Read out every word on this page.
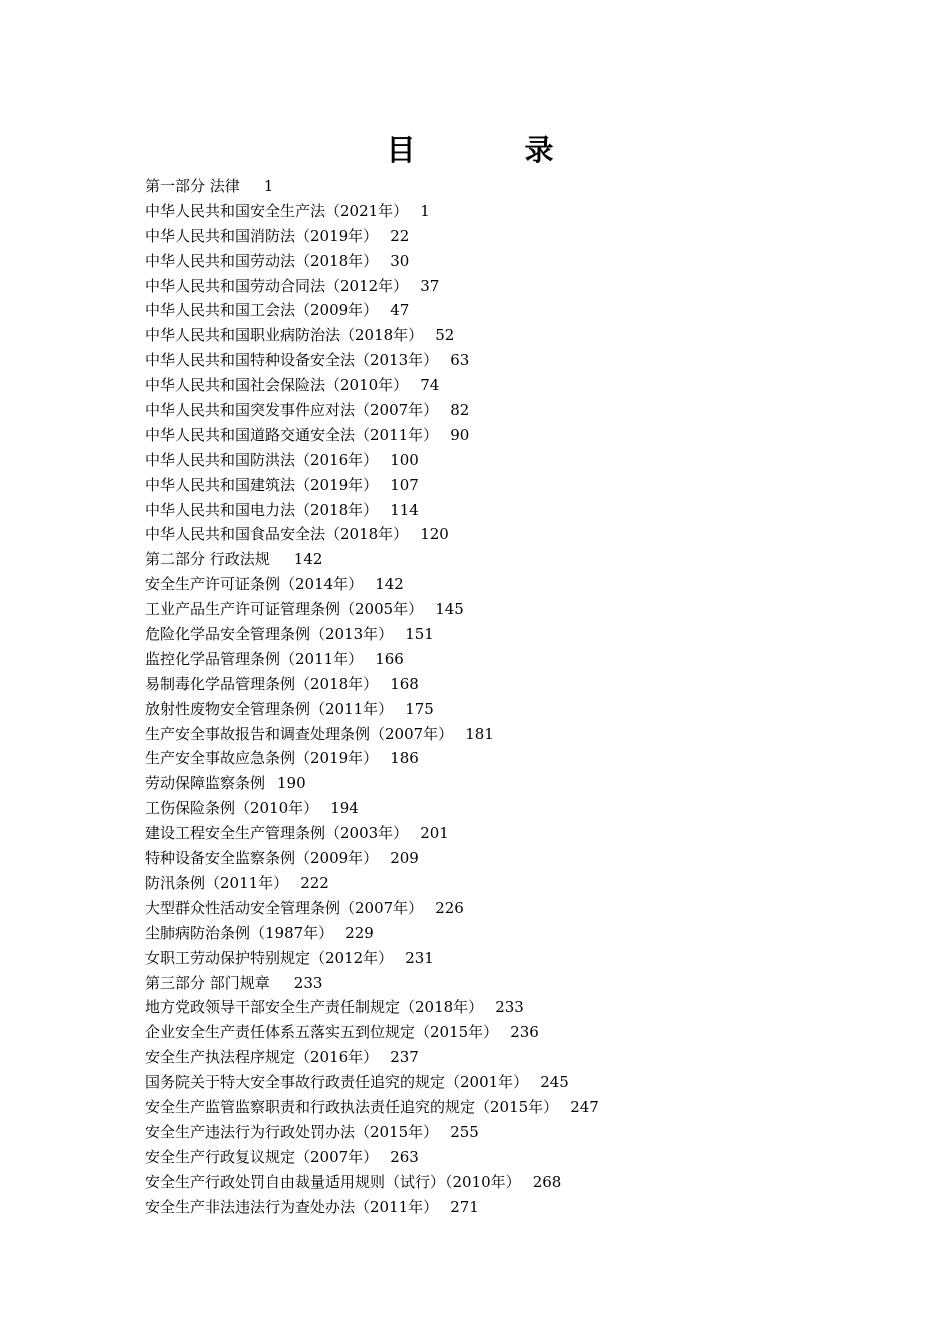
目　录
第一部分 法律 1
中华人民共和国安全生产法（2021年） 1
中华人民共和国消防法（2019年） 22
中华人民共和国劳动法（2018年） 30
中华人民共和国劳动合同法（2012年） 37
中华人民共和国工会法（2009年） 47
中华人民共和国职业病防治法（2018年） 52
中华人民共和国特种设备安全法（2013年） 63
中华人民共和国社会保险法（2010年） 74
中华人民共和国突发事件应对法（2007年） 82
中华人民共和国道路交通安全法（2011年） 90
中华人民共和国防洪法（2016年） 100
中华人民共和国建筑法（2019年） 107
中华人民共和国电力法（2018年） 114
中华人民共和国食品安全法（2018年） 120
第二部分 行政法规 142
安全生产许可证条例（2014年） 142
工业产品生产许可证管理条例（2005年） 145
危险化学品安全管理条例（2013年） 151
监控化学品管理条例（2011年） 166
易制毒化学品管理条例（2018年） 168
放射性废物安全管理条例（2011年） 175
生产安全事故报告和调查处理条例（2007年） 181
生产安全事故应急条例（2019年） 186
劳动保障监察条例 190
工伤保险条例（2010年） 194
建设工程安全生产管理条例（2003年） 201
特种设备安全监察条例（2009年） 209
防汛条例（2011年） 222
大型群众性活动安全管理条例（2007年） 226
尘肺病防治条例（1987年） 229
女职工劳动保护特别规定（2012年） 231
第三部分 部门规章 233
地方党政领导干部安全生产责任制规定（2018年） 233
企业安全生产责任体系五落实五到位规定（2015年） 236
安全生产执法程序规定（2016年） 237
国务院关于特大安全事故行政责任追究的规定（2001年） 245
安全生产监管监察职责和行政执法责任追究的规定（2015年） 247
安全生产违法行为行政处罚办法（2015年） 255
安全生产行政复议规定（2007年） 263
安全生产行政处罚自由裁量适用规则（试行）（2010年） 268
安全生产非法违法行为查处办法（2011年） 271
